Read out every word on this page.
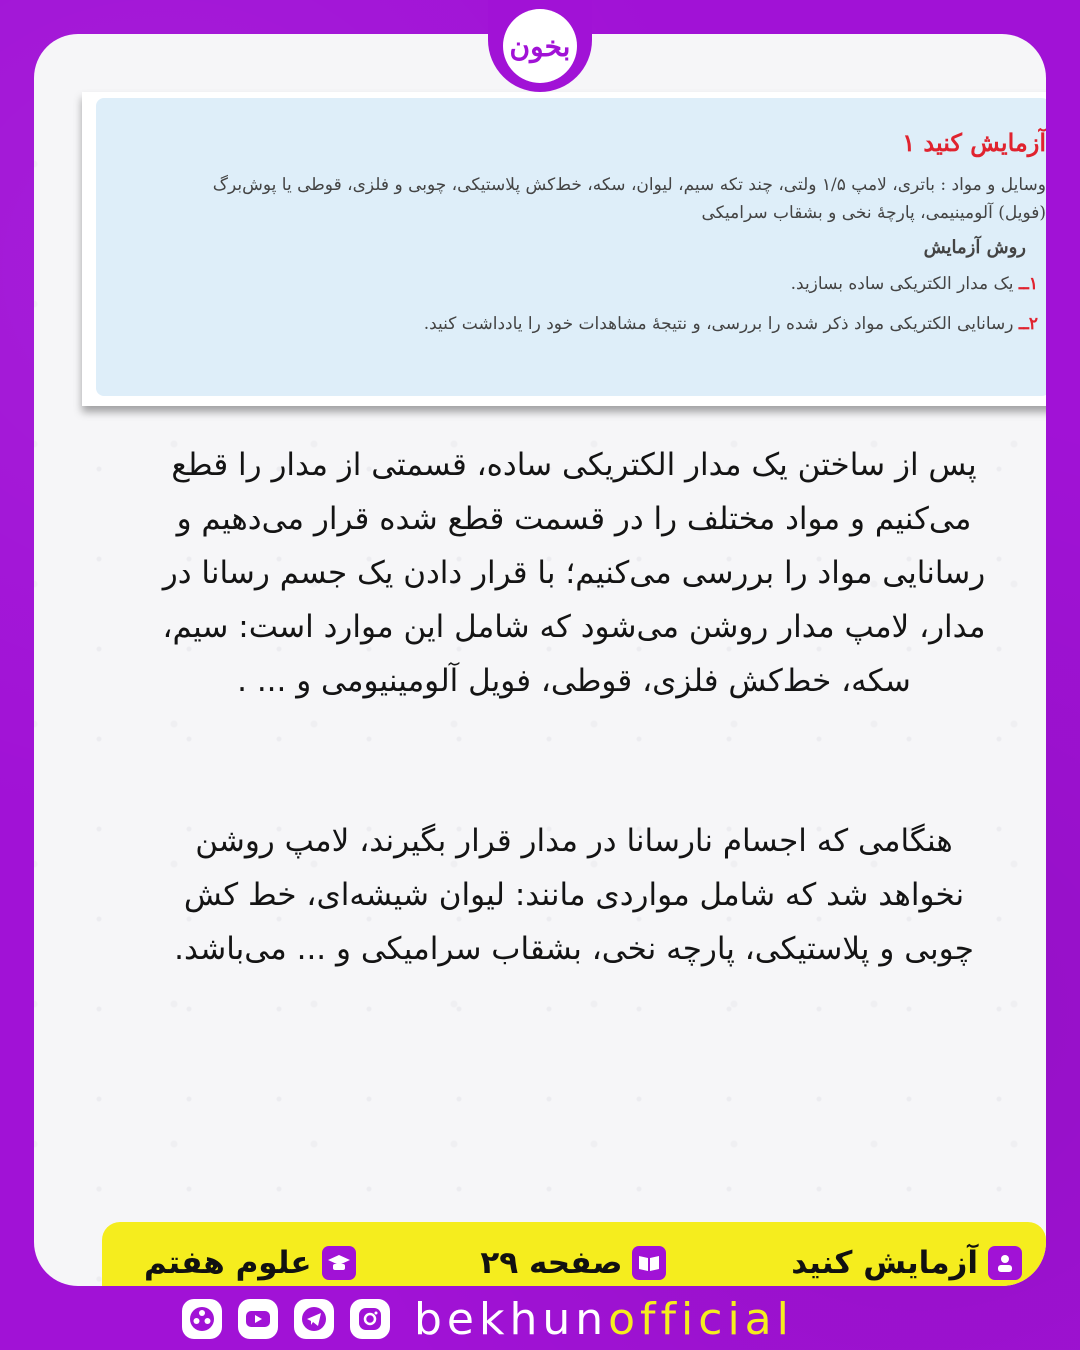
آزمایش کنید ۱

وسایل و مواد : باتری، لامپ ۱/۵ ولتی، چند تکه سیم، لیوان، سکه، خط‌کش پلاستیکی، چوبی و فلزی، قوطی یا پوش‌برگ

(فویل) آلومینیمی، پارچهٔ نخی و بشقاب سرامیکی

روش آزمایش

۱ــ یک مدار الکتریکی ساده بسازید.

۲ــ رسانایی الکتریکی مواد ذکر شده را بررسی، و نتیجهٔ مشاهدات خود را یادداشت کنید.

پس از ساختن یک مدار الکتریکی ساده، قسمتی از مدار را قطع می‌کنیم و مواد مختلف را در قسمت قطع شده قرار می‌دهیم و رسانایی مواد را بررسی می‌کنیم؛ با قرار دادن یک جسم رسانا در مدار، لامپ مدار روشن می‌شود که شامل این موارد است: سیم، سکه، خط‌کش فلزی، قوطی، فویل آلومینیومی و ... .

هنگامی که اجسام نارسانا در مدار قرار بگیرند، لامپ روشن نخواهد شد که شامل مواردی مانند: لیوان شیشه‌ای، خط کش چوبی و پلاستیکی، پارچه نخی، بشقاب سرامیکی و ... می‌باشد.

آزمایش کنید
صفحه ۲۹
علوم هفتم
بخون
bekhunofficial
